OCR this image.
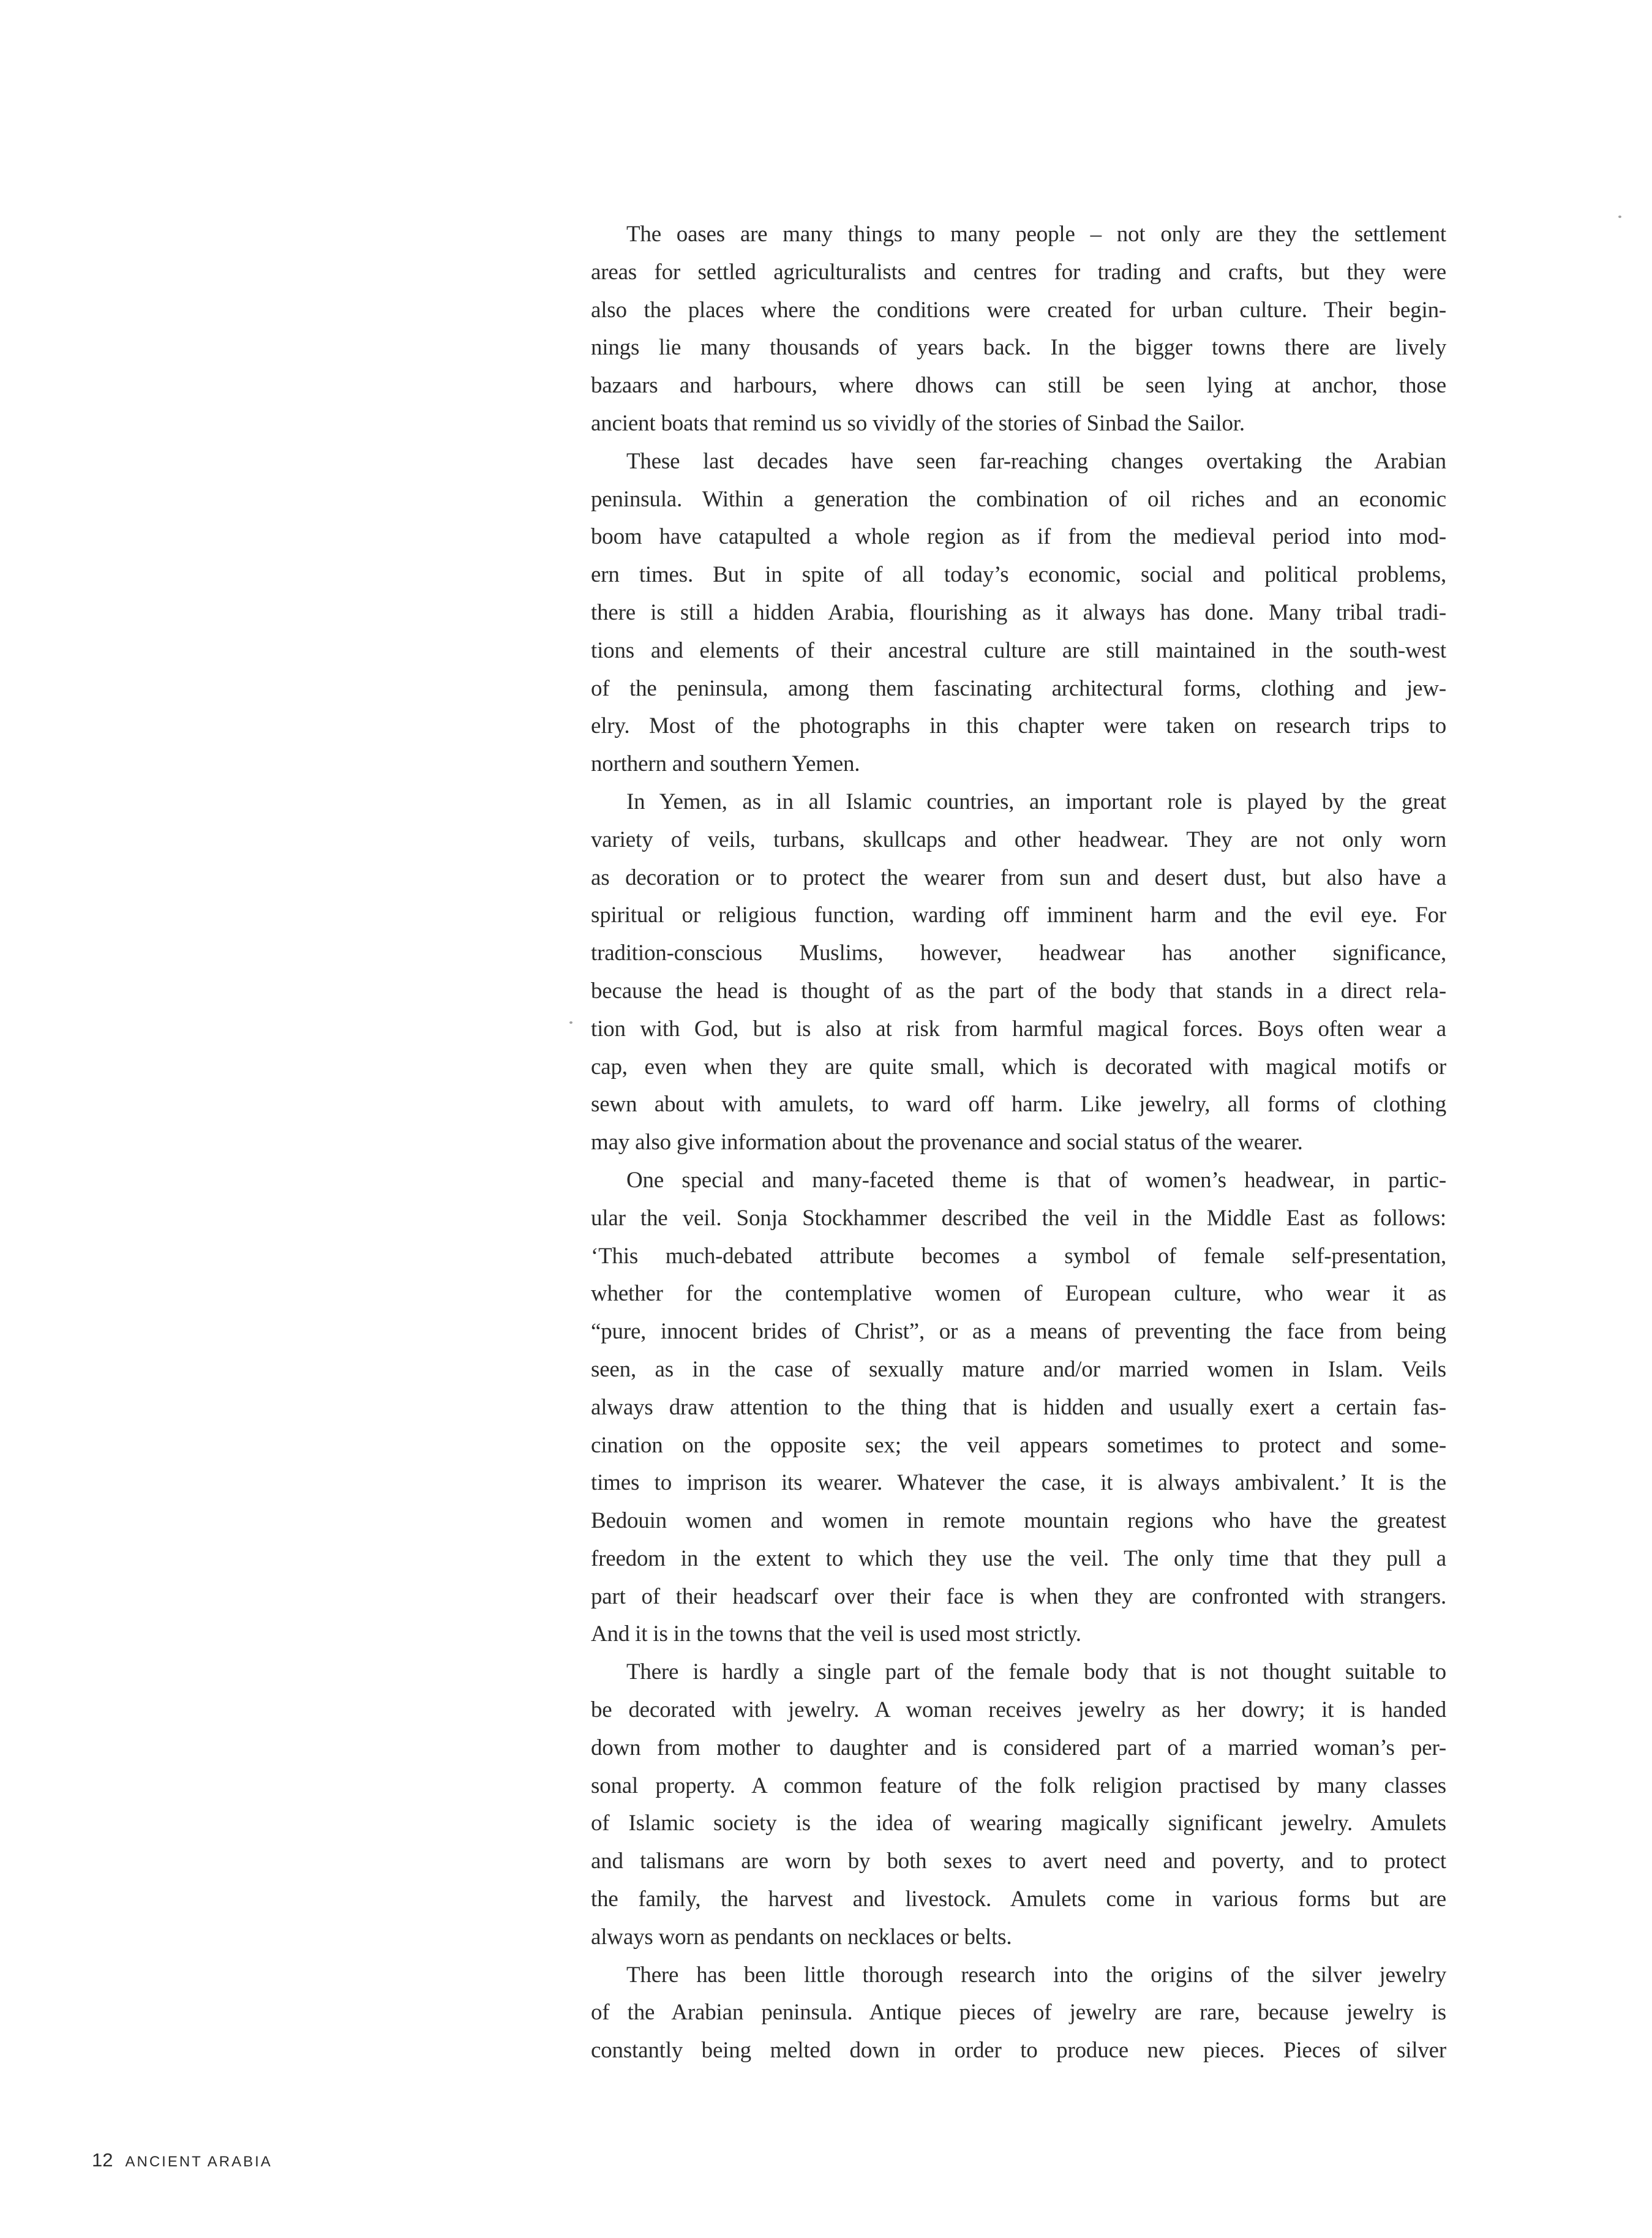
The oases are many things to many people – not only are they the settlement
areas for settled agriculturalists and centres for trading and crafts, but they were
also the places where the conditions were created for urban culture. Their begin-
nings lie many thousands of years back. In the bigger towns there are lively
bazaars and harbours, where dhows can still be seen lying at anchor, those
ancient boats that remind us so vividly of the stories of Sinbad the Sailor.

These last decades have seen far-reaching changes overtaking the Arabian
peninsula. Within a generation the combination of oil riches and an economic
boom have catapulted a whole region as if from the medieval period into mod-
ern times. But in spite of all today’s economic, social and political problems,
there is still a hidden Arabia, flourishing as it always has done. Many tribal tradi-
tions and elements of their ancestral culture are still maintained in the south-west
of the peninsula, among them fascinating architectural forms, clothing and jew-
elry. Most of the photographs in this chapter were taken on research trips to
northern and southern Yemen.

In Yemen, as in all Islamic countries, an important role is played by the great
variety of veils, turbans, skullcaps and other headwear. They are not only worn
as decoration or to protect the wearer from sun and desert dust, but also have a
spiritual or religious function, warding off imminent harm and the evil eye. For
tradition-conscious Muslims, however, headwear has another significance,
because the head is thought of as the part of the body that stands in a direct rela-
tion with God, but is also at risk from harmful magical forces. Boys often wear a
cap, even when they are quite small, which is decorated with magical motifs or
sewn about with amulets, to ward off harm. Like jewelry, all forms of clothing
may also give information about the provenance and social status of the wearer.

One special and many-faceted theme is that of women’s headwear, in partic-
ular the veil. Sonja Stockhammer described the veil in the Middle East as follows:
‘This much-debated attribute becomes a symbol of female self-presentation,
whether for the contemplative women of European culture, who wear it as
“pure, innocent brides of Christ”, or as a means of preventing the face from being
seen, as in the case of sexually mature and/or married women in Islam. Veils
always draw attention to the thing that is hidden and usually exert a certain fas-
cination on the opposite sex; the veil appears sometimes to protect and some-
times to imprison its wearer. Whatever the case, it is always ambivalent.’ It is the
Bedouin women and women in remote mountain regions who have the greatest
freedom in the extent to which they use the veil. The only time that they pull a
part of their headscarf over their face is when they are confronted with strangers.
And it is in the towns that the veil is used most strictly.

There is hardly a single part of the female body that is not thought suitable to
be decorated with jewelry. A woman receives jewelry as her dowry; it is handed
down from mother to daughter and is considered part of a married woman’s per-
sonal property. A common feature of the folk religion practised by many classes
of Islamic society is the idea of wearing magically significant jewelry. Amulets
and talismans are worn by both sexes to avert need and poverty, and to protect
the family, the harvest and livestock. Amulets come in various forms but are
always worn as pendants on necklaces or belts.

There has been little thorough research into the origins of the silver jewelry
of the Arabian peninsula. Antique pieces of jewelry are rare, because jewelry is
constantly being melted down in order to produce new pieces. Pieces of silver

12 ANCIENT ARABIA
